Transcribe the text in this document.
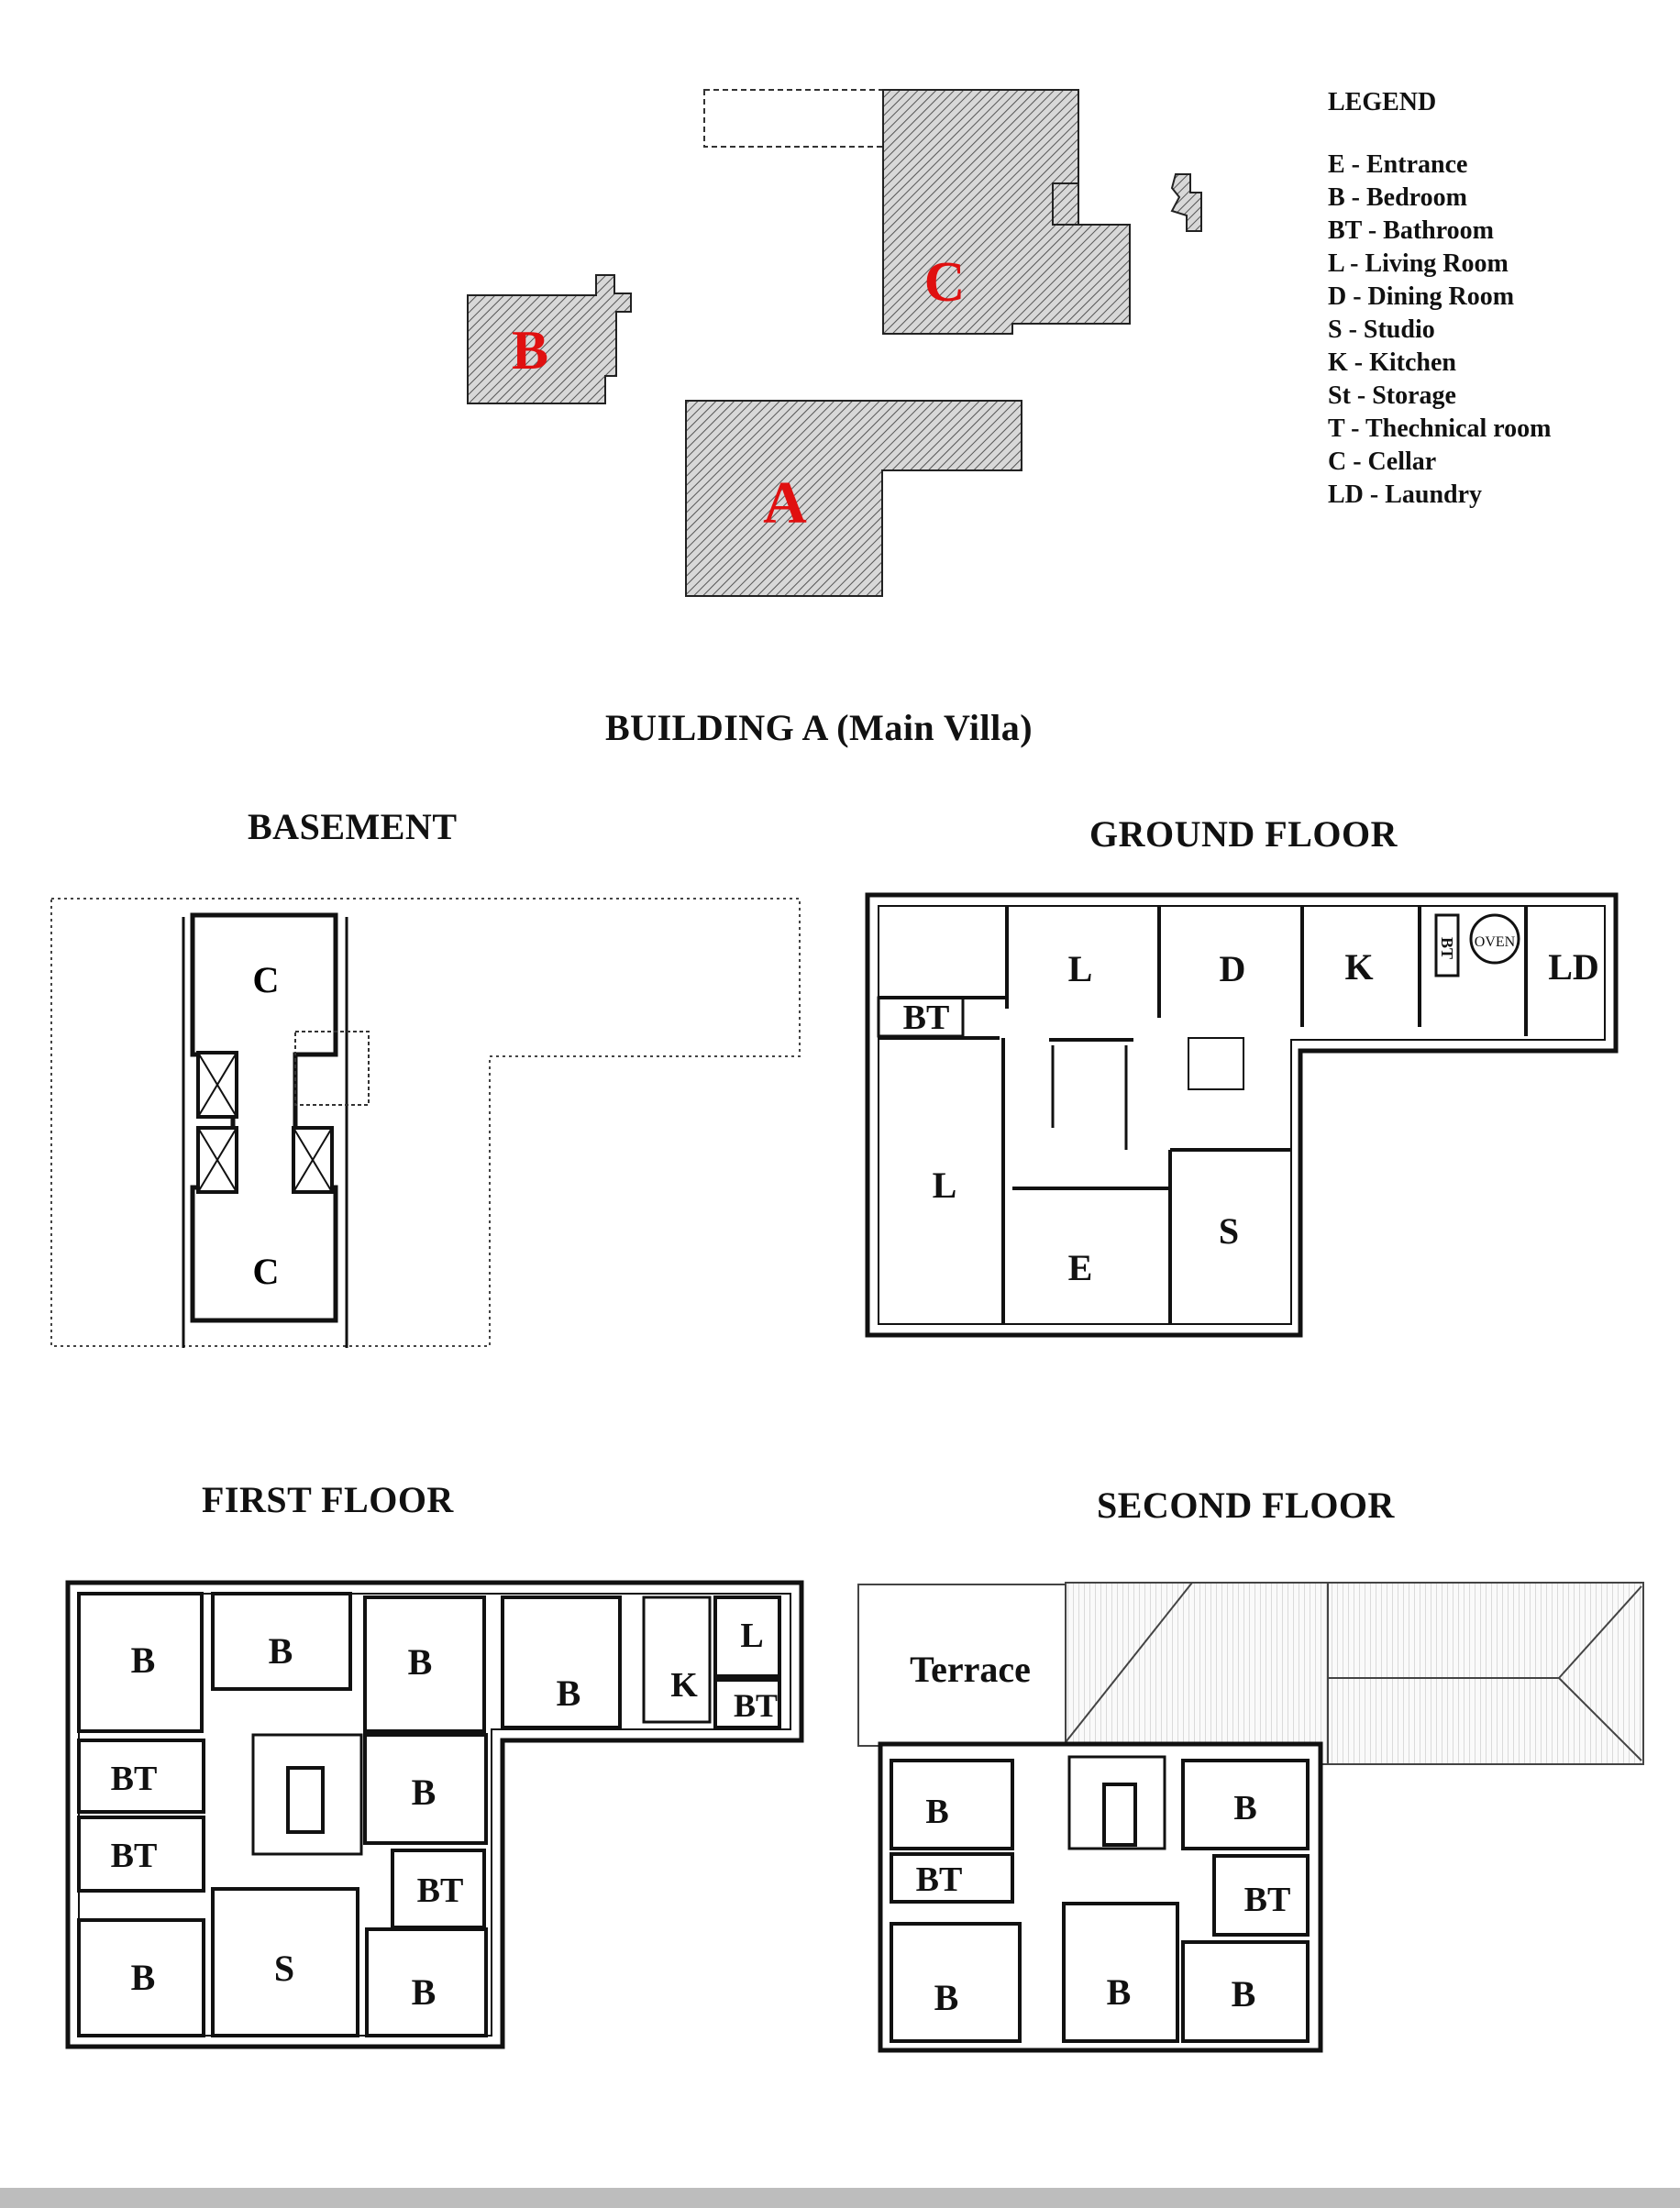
A
B
C
LEGEND
E - Entrance
B - Bedroom
BT - Bathroom
L - Living Room
D - Dining Room
S - Studio
K - Kitchen
St - Storage
T - Thechnical room
C - Cellar
LD - Laundry
BUILDING A (Main Villa)
BASEMENT	GROUND FLOOR
FIRST FLOOR	SECOND FLOOR
C
C
BT
L	D	K	BT OVEN
LD
L
E
S
B	B	B
B	K
L
BT
BT
BT
B
BT
B	S
B
Terrace
B	B
BT
BT
B	B	B
